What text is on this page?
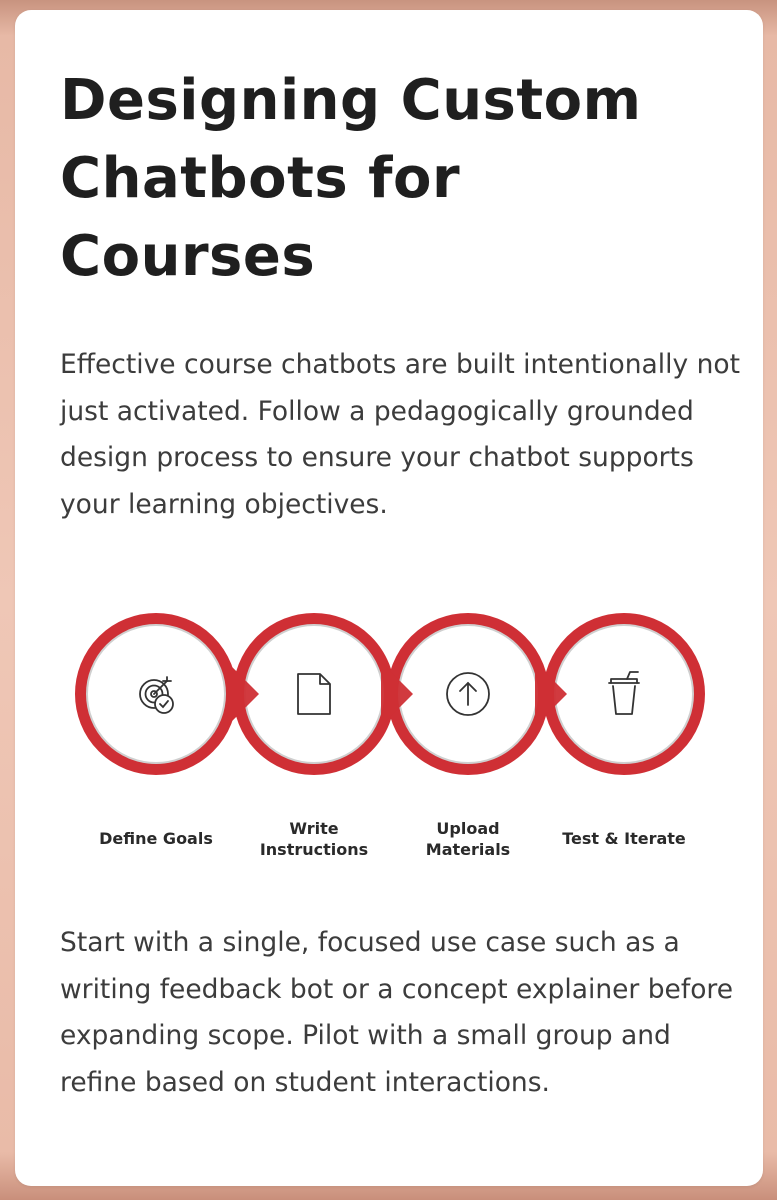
Designing Custom Chatbots for Courses

Effective course chatbots are built intentionally not just activated. Follow a pedagogically grounded design process to ensure your chatbot supports your learning objectives.

Define Goals

Write
Instructions

Upload
Materials

Test & Iterate

Start with a single, focused use case such as a writing feedback bot or a concept explainer before expanding scope. Pilot with a small group and refine based on student interactions.
